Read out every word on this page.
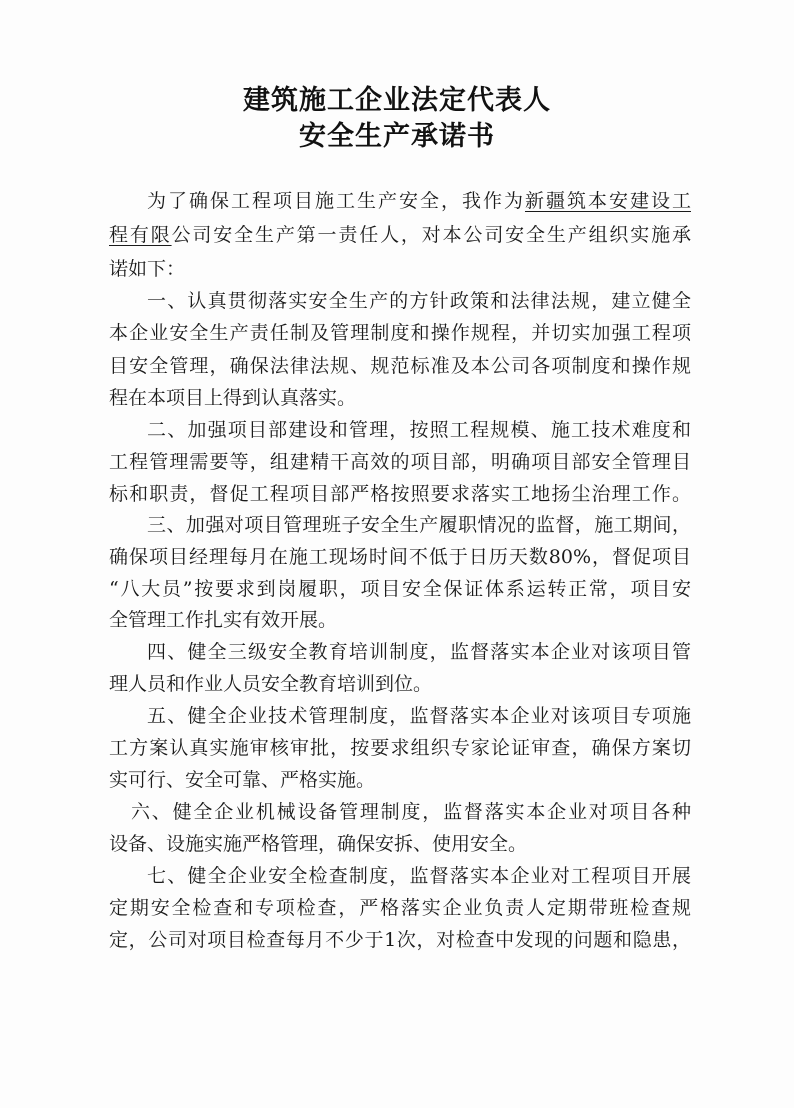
建筑施工企业法定代表人
安全生产承诺书
为了确保工程项目施工生产安全，我作为新疆筑本安建设工
程有限公司安全生产第一责任人，对本公司安全生产组织实施承
诺如下：
一、认真贯彻落实安全生产的方针政策和法律法规，建立健全
本企业安全生产责任制及管理制度和操作规程，并切实加强工程项
目安全管理，确保法律法规、规范标准及本公司各项制度和操作规
程在本项目上得到认真落实。
二、加强项目部建设和管理，按照工程规模、施工技术难度和
工程管理需要等，组建精干高效的项目部，明确项目部安全管理目
标和职责，督促工程项目部严格按照要求落实工地扬尘治理工作。
三、加强对项目管理班子安全生产履职情况的监督，施工期间，
确保项目经理每月在施工现场时间不低于日历天数80%，督促项目
“八大员”按要求到岗履职，项目安全保证体系运转正常，项目安
全管理工作扎实有效开展。
四、健全三级安全教育培训制度，监督落实本企业对该项目管
理人员和作业人员安全教育培训到位。
五、健全企业技术管理制度，监督落实本企业对该项目专项施
工方案认真实施审核审批，按要求组织专家论证审查，确保方案切
实可行、安全可靠、严格实施。
六、健全企业机械设备管理制度，监督落实本企业对项目各种
设备、设施实施严格管理，确保安拆、使用安全。
七、健全企业安全检查制度，监督落实本企业对工程项目开展
定期安全检查和专项检查，严格落实企业负责人定期带班检查规
定，公司对项目检查每月不少于1次，对检查中发现的问题和隐患，
